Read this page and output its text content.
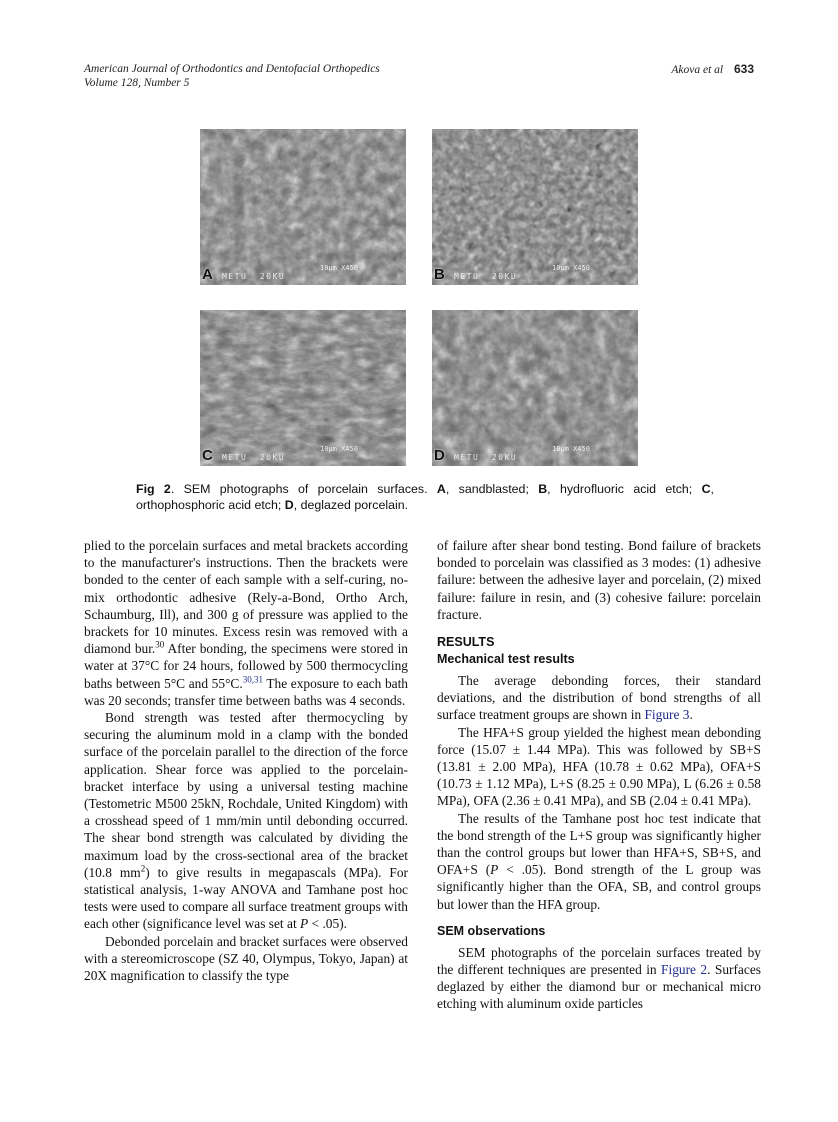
American Journal of Orthodontics and Dentofacial Orthopedics
Volume 128, Number 5
Akova et al 633
A METU  20KU
10µm X450	B METU  20KU
10µm X450
C METU  20KU
10µm X450	D METU  20KU
10µm X450
Fig 2. SEM photographs of porcelain surfaces. A, sandblasted; B, hydrofluoric acid etch; C, orthophosphoric acid etch; D, deglazed porcelain.

plied to the porcelain surfaces and metal brackets according to the manufacturer's instructions. Then the brackets were bonded to the center of each sample with a self-curing, no-mix orthodontic adhesive (Rely-a-Bond, Ortho Arch, Schaumburg, Ill), and 300 g of pressure was applied to the brackets for 10 minutes. Excess resin was removed with a diamond bur.$^{30}$ After bonding, the specimens were stored in water at 37°C for 24 hours, followed by 500 thermocycling baths between 5°C and 55°C.$^{30,31}$ The exposure to each bath was 20 seconds; transfer time between baths was 4 seconds.

Bond strength was tested after thermocycling by securing the aluminum mold in a clamp with the bonded surface of the porcelain parallel to the direction of the force application. Shear force was applied to the porcelain-bracket interface by using a universal testing machine (Testometric M500 25kN, Rochdale, United Kingdom) with a crosshead speed of 1 mm/min until debonding occurred. The shear bond strength was calculated by dividing the maximum load by the cross-sectional area of the bracket (10.8 $mm^2$) to give results in megapascals (MPa). For statistical analysis, 1-way ANOVA and Tamhane post hoc tests were used to compare all surface treatment groups with each other (significance level was set at P < .05).

Debonded porcelain and bracket surfaces were observed with a stereomicroscope (SZ 40, Olympus, Tokyo, Japan) at 20X magnification to classify the type

of failure after shear bond testing. Bond failure of brackets bonded to porcelain was classified as 3 modes: (1) adhesive failure: between the adhesive layer and porcelain, (2) mixed failure: failure in resin, and (3) cohesive failure: porcelain fracture.

RESULTS
Mechanical test results

The average debonding forces, their standard deviations, and the distribution of bond strengths of all surface treatment groups are shown in Figure 3.

The HFA+S group yielded the highest mean debonding force (15.07 ± 1.44 MPa). This was followed by SB+S (13.81 ± 2.00 MPa), HFA (10.78 ± 0.62 MPa), OFA+S (10.73 ± 1.12 MPa), L+S (8.25 ± 0.90 MPa), L (6.26 ± 0.58 MPa), OFA (2.36 ± 0.41 MPa), and SB (2.04 ± 0.41 MPa).

The results of the Tamhane post hoc test indicate that the bond strength of the L+S group was significantly higher than the control groups but lower than HFA+S, SB+S, and OFA+S (P < .05). Bond strength of the L group was significantly higher than the OFA, SB, and control groups but lower than the HFA group.

SEM observations

SEM photographs of the porcelain surfaces treated by the different techniques are presented in Figure 2. Surfaces deglazed by either the diamond bur or mechanical micro etching with aluminum oxide particles
